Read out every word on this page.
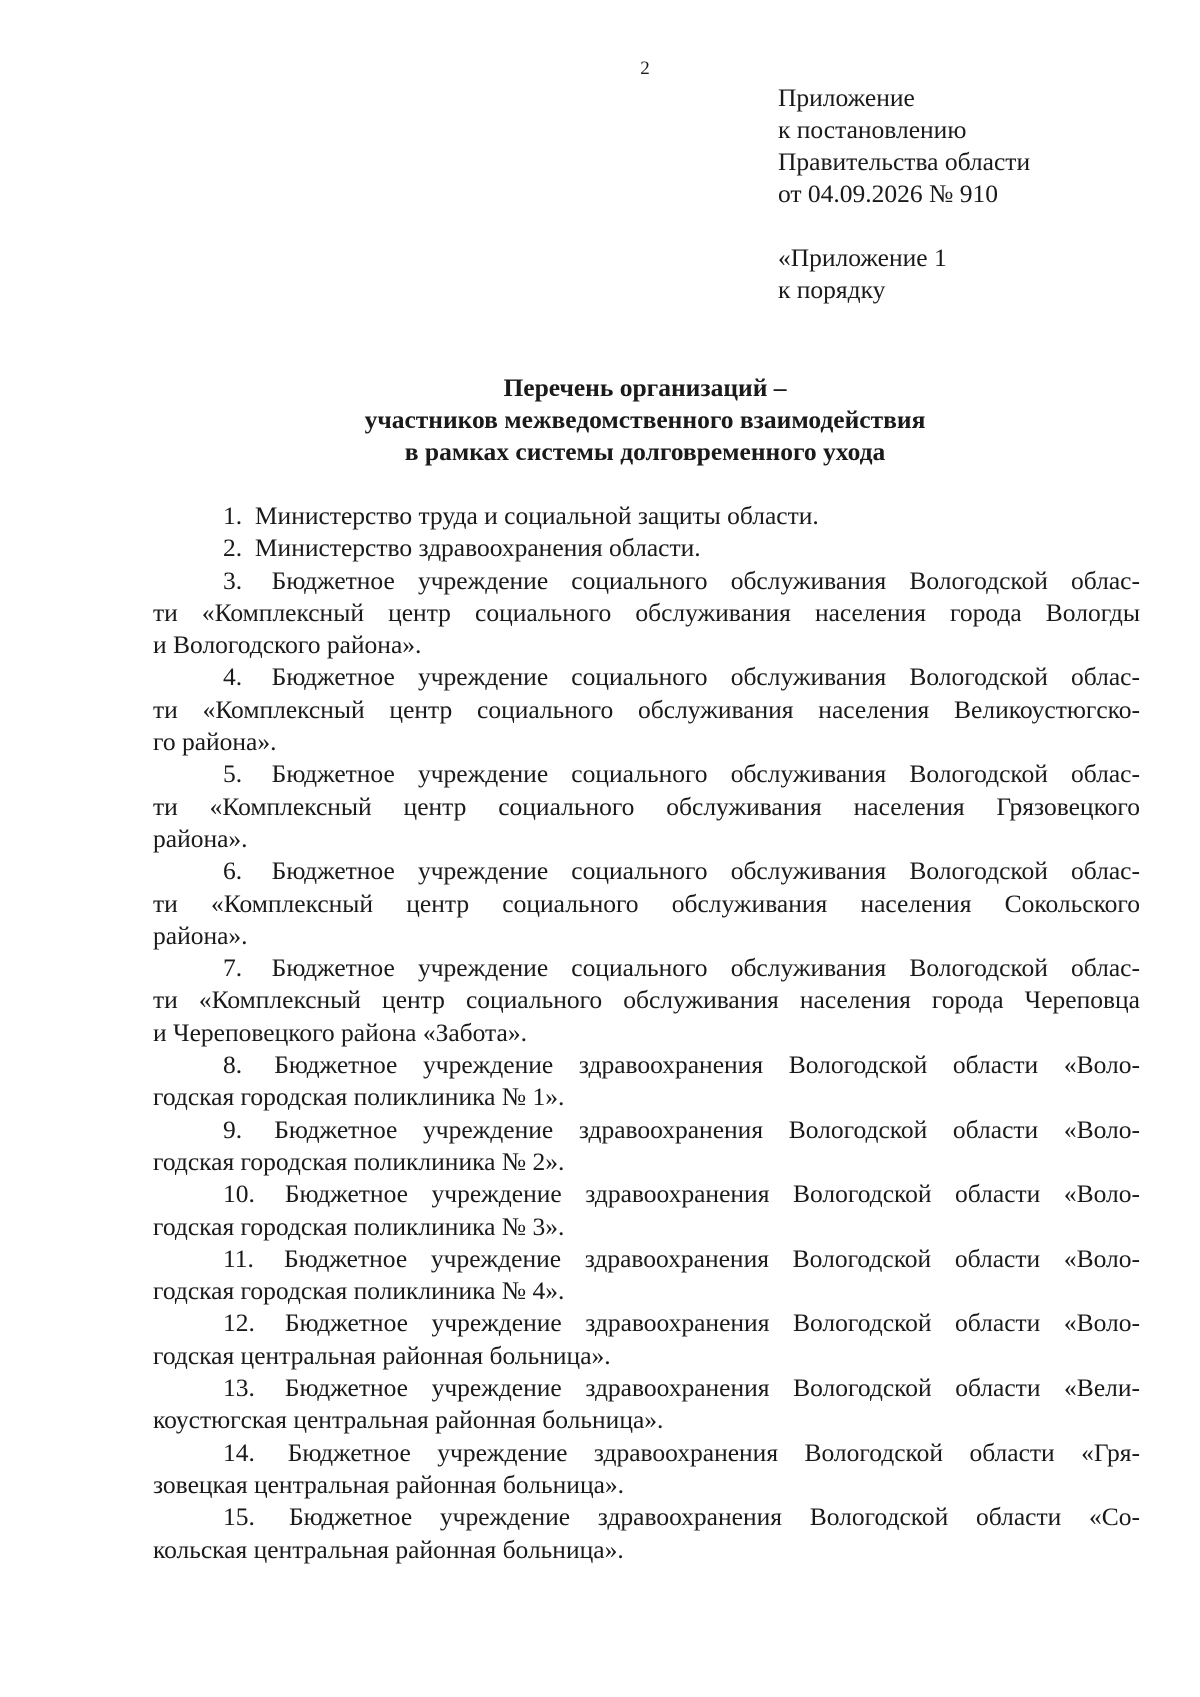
2
Приложение
к постановлению
Правительства области
от 04.09.2026 № 910
«Приложение 1
к порядку
Перечень организаций –
участников межведомственного взаимодействия
в рамках системы долговременного ухода

1. Министерство труда и социальной защиты области.

2. Министерство здравоохранения области.

3. Бюджетное учреждение социального обслуживания Вологодской облас-
ти «Комплексный центр социального обслуживания населения города Вологды
и Вологодского района».

4. Бюджетное учреждение социального обслуживания Вологодской облас-
ти «Комплексный центр социального обслуживания населения Великоустюгско-
го района».

5. Бюджетное учреждение социального обслуживания Вологодской облас-
ти «Комплексный центр социального обслуживания населения Грязовецкого
района».

6. Бюджетное учреждение социального обслуживания Вологодской облас-
ти «Комплексный центр социального обслуживания населения Сокольского
района».

7. Бюджетное учреждение социального обслуживания Вологодской облас-
ти «Комплексный центр социального обслуживания населения города Череповца
и Череповецкого района «Забота».

8. Бюджетное учреждение здравоохранения Вологодской области «Воло-
годская городская поликлиника № 1».

9. Бюджетное учреждение здравоохранения Вологодской области «Воло-
годская городская поликлиника № 2».

10. Бюджетное учреждение здравоохранения Вологодской области «Воло-
годская городская поликлиника № 3».

11. Бюджетное учреждение здравоохранения Вологодской области «Воло-
годская городская поликлиника № 4».

12. Бюджетное учреждение здравоохранения Вологодской области «Воло-
годская центральная районная больница».

13. Бюджетное учреждение здравоохранения Вологодской области «Вели-
коустюгская центральная районная больница».

14. Бюджетное учреждение здравоохранения Вологодской области «Гря-
зовецкая центральная районная больница».

15. Бюджетное учреждение здравоохранения Вологодской области «Со-
кольская центральная районная больница».
